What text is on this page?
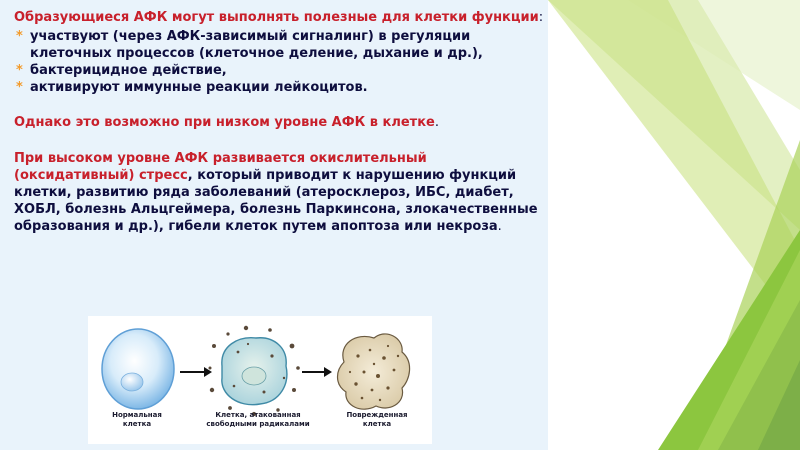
Образующиеся АФК могут выполнять полезные для клетки функции:

* участвуют (через АФК-зависимый сигналинг) в регуляции клеточных процессов (клеточное деление, дыхание и др.),
* бактерицидное действие,
* активируют иммунные реакции лейкоцитов.

Однако это возможно при низком уровне АФК в клетке.

При высоком уровне АФК развивается окислительный (оксидативный) стресс, который приводит к нарушению функций клетки, развитию ряда заболеваний (атеросклероз, ИБС, диабет, ХОБЛ, болезнь Альцгеймера, болезнь Паркинсона, злокачественные образования и др.), гибели клеток путем апоптоза или некроза.

Нормальная
клетка
Клетка, атакованная
свободными радикалами
Поврежденная
клетка
